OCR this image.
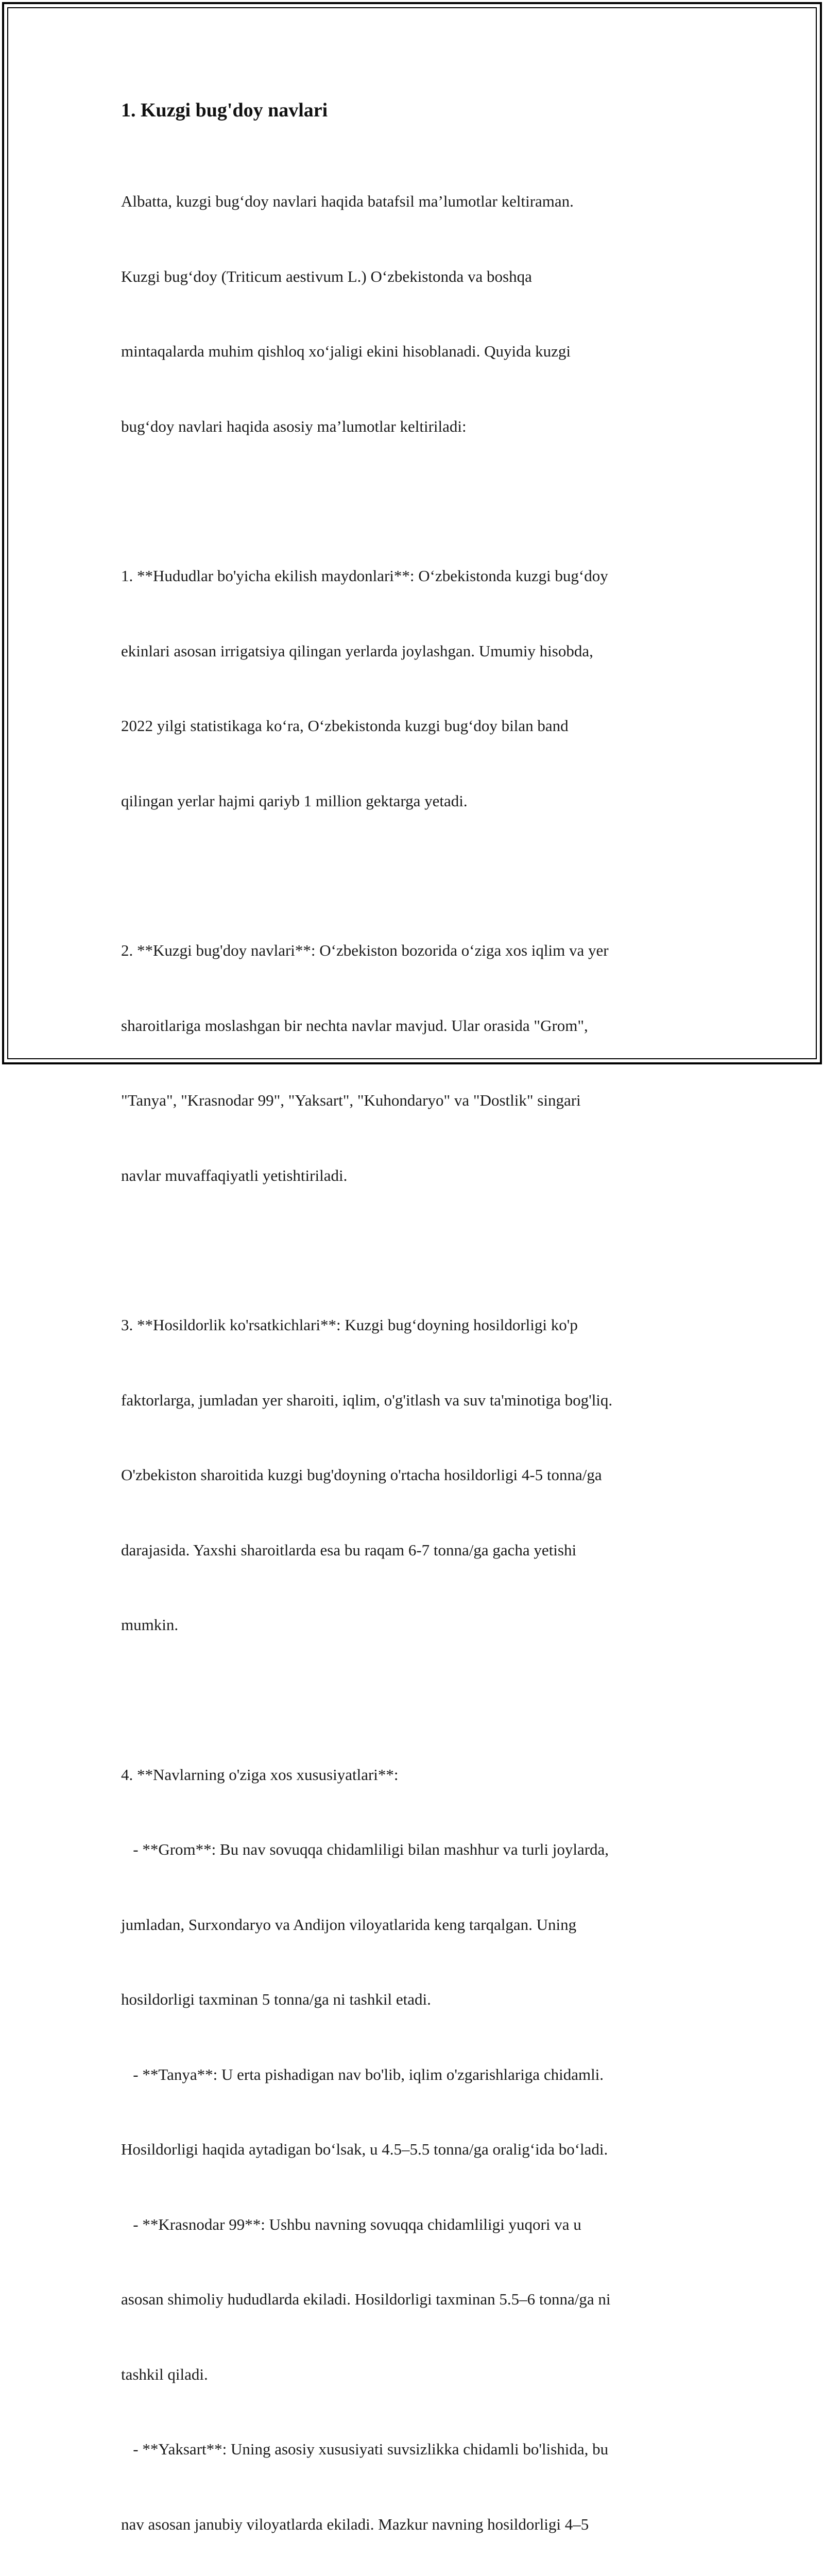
1. Kuzgi bug'doy navlari

Albatta, kuzgi bug‘doy navlari haqida batafsil ma’lumotlar keltiraman.

Kuzgi bug‘doy (Triticum aestivum L.) O‘zbekistonda va boshqa

mintaqalarda muhim qishloq xo‘jaligi ekini hisoblanadi. Quyida kuzgi

bug‘doy navlari haqida asosiy ma’lumotlar keltiriladi:

1. **Hududlar bo'yicha ekilish maydonlari**: O‘zbekistonda kuzgi bug‘doy

ekinlari asosan irrigatsiya qilingan yerlarda joylashgan. Umumiy hisobda,

2022 yilgi statistikaga ko‘ra, O‘zbekistonda kuzgi bug‘doy bilan band

qilingan yerlar hajmi qariyb 1 million gektarga yetadi.

2. **Kuzgi bug'doy navlari**: O‘zbekiston bozorida o‘ziga xos iqlim va yer

sharoitlariga moslashgan bir nechta navlar mavjud. Ular orasida "Grom",

"Tanya", "Krasnodar 99", "Yaksart", "Kuhondaryo" va "Dostlik" singari

navlar muvaffaqiyatli yetishtiriladi.

3. **Hosildorlik ko'rsatkichlari**: Kuzgi bug‘doyning hosildorligi ko'p

faktorlarga, jumladan yer sharoiti, iqlim, o'g'itlash va suv ta'minotiga bog'liq.

O'zbekiston sharoitida kuzgi bug'doyning o'rtacha hosildorligi 4-5 tonna/ga

darajasida. Yaxshi sharoitlarda esa bu raqam 6-7 tonna/ga gacha yetishi

mumkin.

4. **Navlarning o'ziga xos xususiyatlari**:

- **Grom**: Bu nav sovuqqa chidamliligi bilan mashhur va turli joylarda,

jumladan, Surxondaryo va Andijon viloyatlarida keng tarqalgan. Uning

hosildorligi taxminan 5 tonna/ga ni tashkil etadi.

- **Tanya**: U erta pishadigan nav bo'lib, iqlim o'zgarishlariga chidamli.

Hosildorligi haqida aytadigan bo‘lsak, u 4.5–5.5 tonna/ga oralig‘ida bo‘ladi.

- **Krasnodar 99**: Ushbu navning sovuqqa chidamliligi yuqori va u

asosan shimoliy hududlarda ekiladi. Hosildorligi taxminan 5.5–6 tonna/ga ni

tashkil qiladi.

- **Yaksart**: Uning asosiy xususiyati suvsizlikka chidamli bo'lishida, bu

nav asosan janubiy viloyatlarda ekiladi. Mazkur navning hosildorligi 4–5
